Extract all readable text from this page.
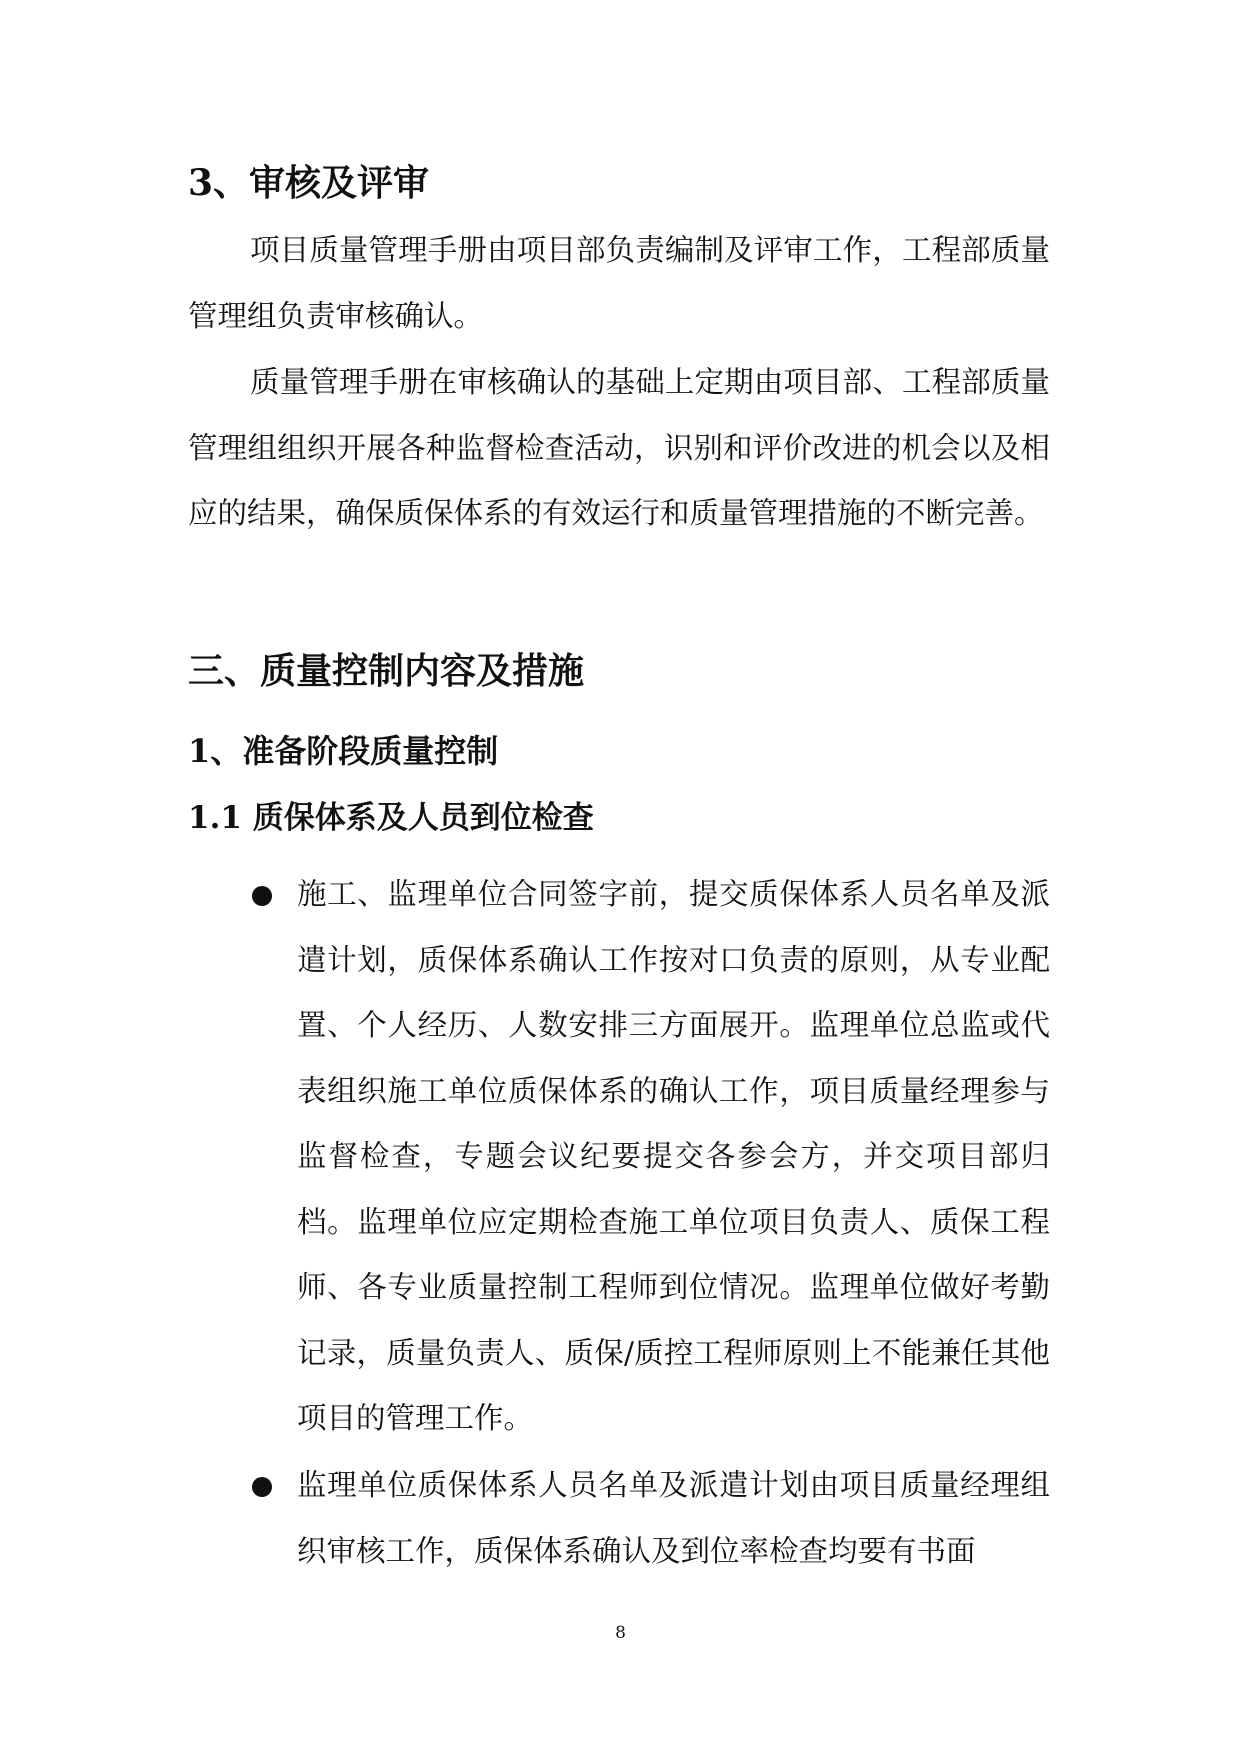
3、审核及评审

项目质量管理手册由项目部负责编制及评审工作，工程部质量管理组负责审核确认。

质量管理手册在审核确认的基础上定期由项目部、工程部质量管理组组织开展各种监督检查活动，识别和评价改进的机会以及相应的结果，确保质保体系的有效运行和质量管理措施的不断完善。

三、质量控制内容及措施
1、准备阶段质量控制
1.1 质保体系及人员到位检查

施工、监理单位合同签字前，提交质保体系人员名单及派遣计划，质保体系确认工作按对口负责的原则，从专业配置、个人经历、人数安排三方面展开。监理单位总监或代表组织施工单位质保体系的确认工作，项目质量经理参与监督检查，专题会议纪要提交各参会方，并交项目部归档。监理单位应定期检查施工单位项目负责人、质保工程师、各专业质量控制工程师到位情况。监理单位做好考勤记录，质量负责人、质保/质控工程师原则上不能兼任其他项目的管理工作。

监理单位质保体系人员名单及派遣计划由项目质量经理组织审核工作，质保体系确认及到位率检查均要有书面

8
